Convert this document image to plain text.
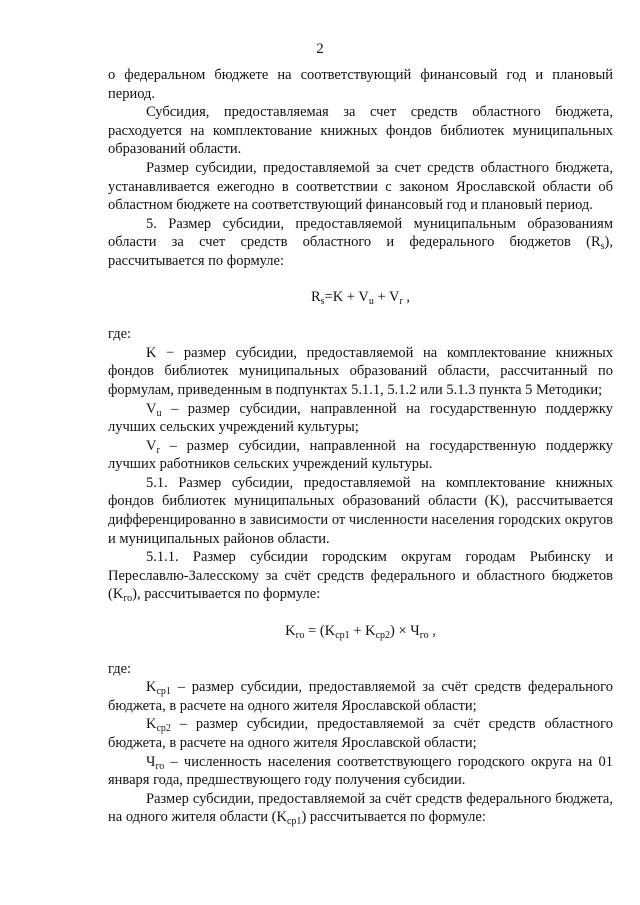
2

о федеральном бюджете на соответствующий финансовый год и плановый период.

Субсидия, предоставляемая за счет средств областного бюджета, расходуется на комплектование книжных фондов библиотек муниципальных образований области.

Размер субсидии, предоставляемой за счет средств областного бюджета, устанавливается ежегодно в соответствии с законом Ярославской области об областном бюджете на соответствующий финансовый год и плановый период.

5. Размер субсидии, предоставляемой муниципальным образованиям области за счет средств областного и федерального бюджетов $(R_s)$, рассчитывается по формуле:

$R_s=K + V_u + V_r$ ,

где:

K − размер субсидии, предоставляемой на комплектование книжных фондов библиотек муниципальных образований области, рассчитанный по формулам, приведенным в подпунктах 5.1.1, 5.1.2 или 5.1.3 пункта 5 Методики;

$V_u$ – размер субсидии, направленной на государственную поддержку лучших сельских учреждений культуры;

$V_r$ – размер субсидии, направленной на государственную поддержку лучших работников сельских учреждений культуры.

5.1. Размер субсидии, предоставляемой на комплектование книжных фондов библиотек муниципальных образований области (K), рассчитывается дифференцированно в зависимости от численности населения городских округов и муниципальных районов области.

5.1.1. Размер субсидии городским округам городам Рыбинску и Переславлю-Залесскому за счёт средств федерального и областного бюджетов $(K_{го})$, рассчитывается по формуле:

$K_{го} = (K_{cp1} + K_{cp2}) \times Ч_{го}$ ,

где:

$K_{cp1}$ – размер субсидии, предоставляемой за счёт средств федерального бюджета, в расчете на одного жителя Ярославской области;

$K_{cp2}$ – размер субсидии, предоставляемой за счёт средств областного бюджета, в расчете на одного жителя Ярославской области;

$Ч_{го}$ – численность населения соответствующего городского округа на 01 января года, предшествующего году получения субсидии.

Размер субсидии, предоставляемой за счёт средств федерального бюджета, на одного жителя области $(K_{cp1})$ рассчитывается по формуле:
